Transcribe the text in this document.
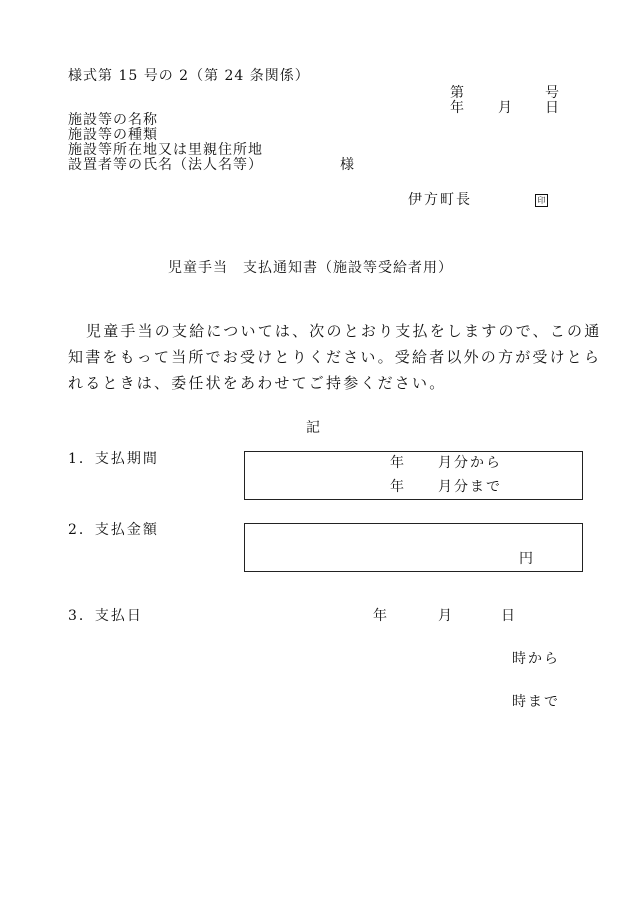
様式第 15 号の 2（第 24 条関係）
第	号
年 月 日
施設等の名称
施設等の種類
施設等所在地又は里親住所地
設置者等の氏名（法人名等）	様
伊方町長	印
児童手当　支払通知書（施設等受給者用）
児童手当の支給については、次のとおり支払をしますので、この通
知書をもって当所でお受けとりください。受給者以外の方が受けとら
れるときは、委任状をあわせてご持参ください。
記
1．支払期間	年 月分から
年 月分まで
2．支払金額
円
3．支払日	年	月	日
時から
時まで
